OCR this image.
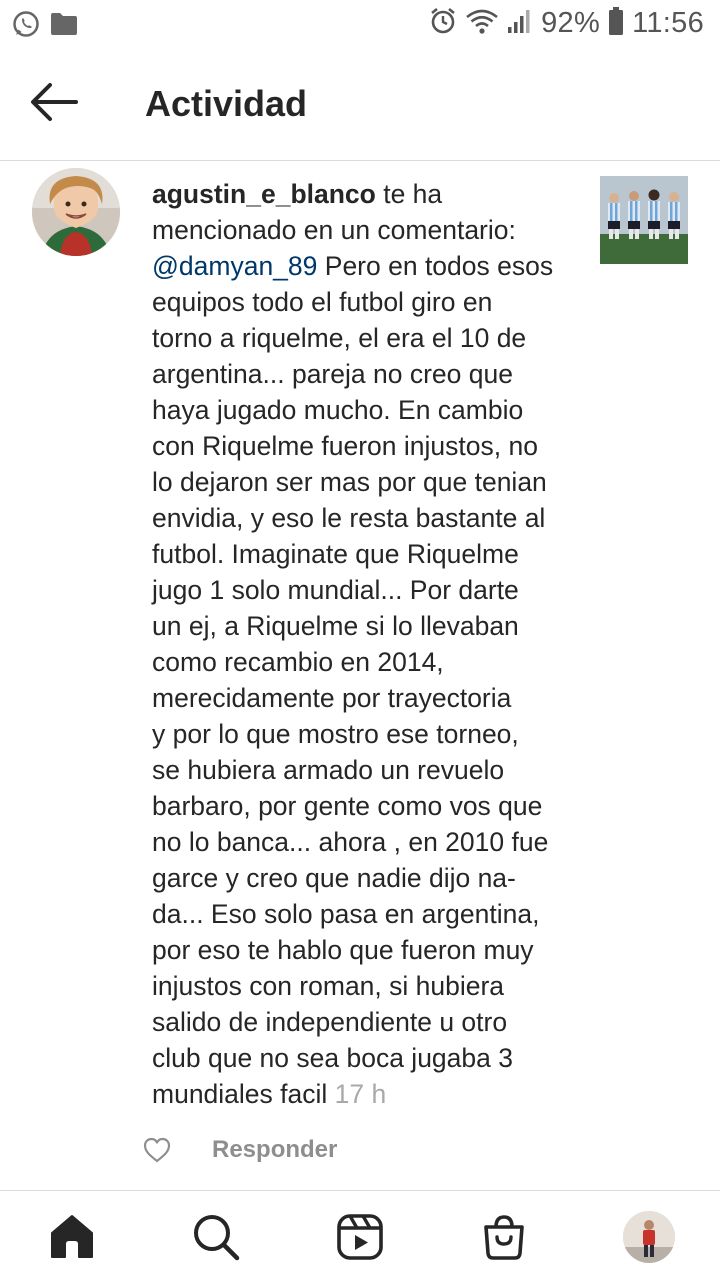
92% 11:56
Actividad
agustin_e_blanco te ha
mencionado en un comentario:
@damyan_89 Pero en todos esos
equipos todo el futbol giro en
torno a riquelme, el era el 10 de
argentina... pareja no creo que
haya jugado mucho. En cambio
con Riquelme fueron injustos, no
lo dejaron ser mas por que tenian
envidia, y eso le resta bastante al
futbol. Imaginate que Riquelme
jugo 1 solo mundial... Por darte
un ej, a Riquelme si lo llevaban
como recambio en 2014,
merecidamente por trayectoria
y por lo que mostro ese torneo,
se hubiera armado un revuelo
barbaro, por gente como vos que
no lo banca... ahora , en 2010 fue
garce y creo que nadie dijo na-
da... Eso solo pasa en argentina,
por eso te hablo que fueron muy
injustos con roman, si hubiera
salido de independiente u otro
club que no sea boca jugaba 3
mundiales facil 17 h
Responder
